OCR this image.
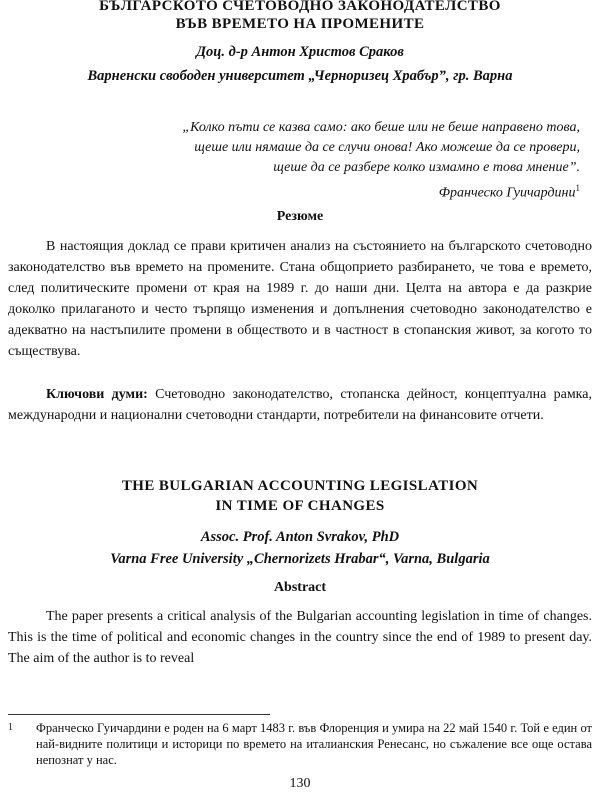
БЪЛГАРСКОТО СЧЕТОВОДНО ЗАКОНОДАТЕЛСТВО
ВЪВ ВРЕМЕТО НА ПРОМЕНИТЕ
Доц. д-р Антон Христов Сраков
Варненски свободен университет „Черноризец Храбър”, гр. Варна
„Колко пъти се казва само: ако беше или не беше направено това,
щеше или нямаше да се случи онова! Ако можеше да се провери,
щеше да се разбере колко измамно е това мнение”.
Франческо Гуичардини$^1$
Резюме
В настоящия доклад се прави критичен анализ на състоянието на българското счетоводно законодателство във времето на промените. Стана общоприето разбирането, че това е времето, след политическите промени от края на 1989 г. до наши дни. Целта на автора е да разкрие доколко прилаганото и често търпящо изменения и допълнения счетоводно законодателство е адекватно на настъпилите промени в обществото и в частност в стопанския живот, за когото то съществува.
Ключови думи: Счетоводно законодателство, стопанска дейност, концептуална рамка, международни и национални счетоводни стандарти, потребители на финансовите отчети.
THE BULGARIAN ACCOUNTING LEGISLATION
IN TIME OF CHANGES
Assoc. Prof. Anton Svrakov, PhD
Varna Free University „Chernorizets Hrabar“, Varna, Bulgaria
Abstract
The paper presents a critical analysis of the Bulgarian accounting legislation in time of changes. This is the time of political and economic changes in the country since the end of 1989 to present day. The aim of the author is to reveal
1 Франческо Гуичардини е роден на 6 март 1483 г. във Флоренция и умира на 22 май 1540 г. Той е един от най-видните политици и историци по времето на италианския Ренесанс, но съжаление все още остава непознат у нас.
130
